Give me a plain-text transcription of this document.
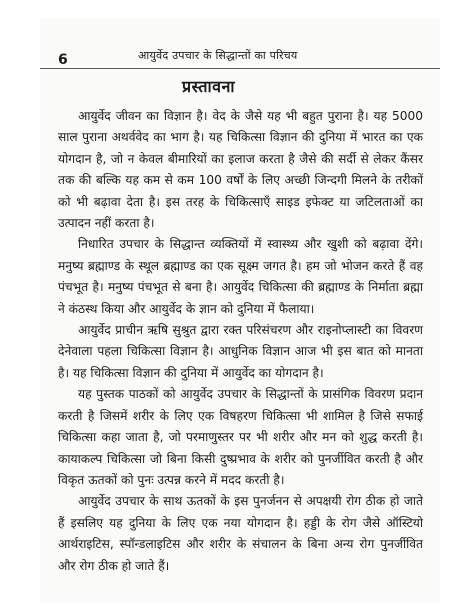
6	आयुर्वेद उपचार के सिद्धान्तों का परिचय
प्रस्तावना

आयुर्वेद जीवन का विज्ञान है। वेद के जैसे यह भी बहुत पुराना है। यह 5000 साल पुराना अथर्ववेद का भाग है। यह चिकित्सा विज्ञान की दुनिया में भारत का एक योगदान है, जो न केवल बीमारियों का इलाज करता है जैसे की सर्दी से लेकर कैंसर तक की बल्कि यह कम से कम 100 वर्षों के लिए अच्छी जिन्दगी मिलने के तरीकों को भी बढ़ावा देता है। इस तरह के चिकित्साएँ साइड इफेक्ट या जटिलताओं का उत्पादन नहीं करता है।

निधारित उपचार के सिद्धान्त व्यक्तियों में स्वास्थ्य और खुशी को बढ़ावा देंगे। मनुष्य ब्रह्माण्ड के स्थूल ब्रह्माण्ड का एक सूक्ष्म जगत है। हम जो भोजन करते हैं वह पंचभूत है। मनुष्य पंचभूत से बना है। आयुर्वेद चिकित्सा की ब्रह्माण्ड के निर्माता ब्रह्मा ने कंठस्थ किया और आयुर्वेद के ज्ञान को दुनिया में फैलाया।

आयुर्वेद प्राचीन ऋषि सुश्रुत द्वारा रक्त परिसंचरण और राइनोप्लास्टी का विवरण देनेवाला पहला चिकित्सा विज्ञान है। आधुनिक विज्ञान आज भी इस बात को मानता है। यह चिकित्सा विज्ञान की दुनिया में आयुर्वेद का योगदान है।

यह पुस्तक पाठकों को आयुर्वेद उपचार के सिद्धान्तों के प्रासंगिक विवरण प्रदान करती है जिसमें शरीर के लिए एक विषहरण चिकित्सा भी शामिल है जिसे सफाई चिकित्सा कहा जाता है, जो परमाणुस्तर पर भी शरीर और मन को शुद्ध करती है। कायाकल्प चिकित्सा जो बिना किसी दुष्प्रभाव के शरीर को पुनर्जीवित करती है और विकृत ऊतकों को पुनः उत्पन्न करने में मदद करती है।

आयुर्वेद उपचार के साथ ऊतकों के इस पुनर्जनन से अपक्षयी रोग ठीक हो जाते हैं इसलिए यह दुनिया के लिए एक नया योगदान है। हड्डी के रोग जैसे ऑस्टियो आर्थराइटिस, स्पॉन्डलाइटिस और शरीर के संचालन के बिना अन्य रोग पुनर्जीवित और रोग ठीक हो जाते हैं।
